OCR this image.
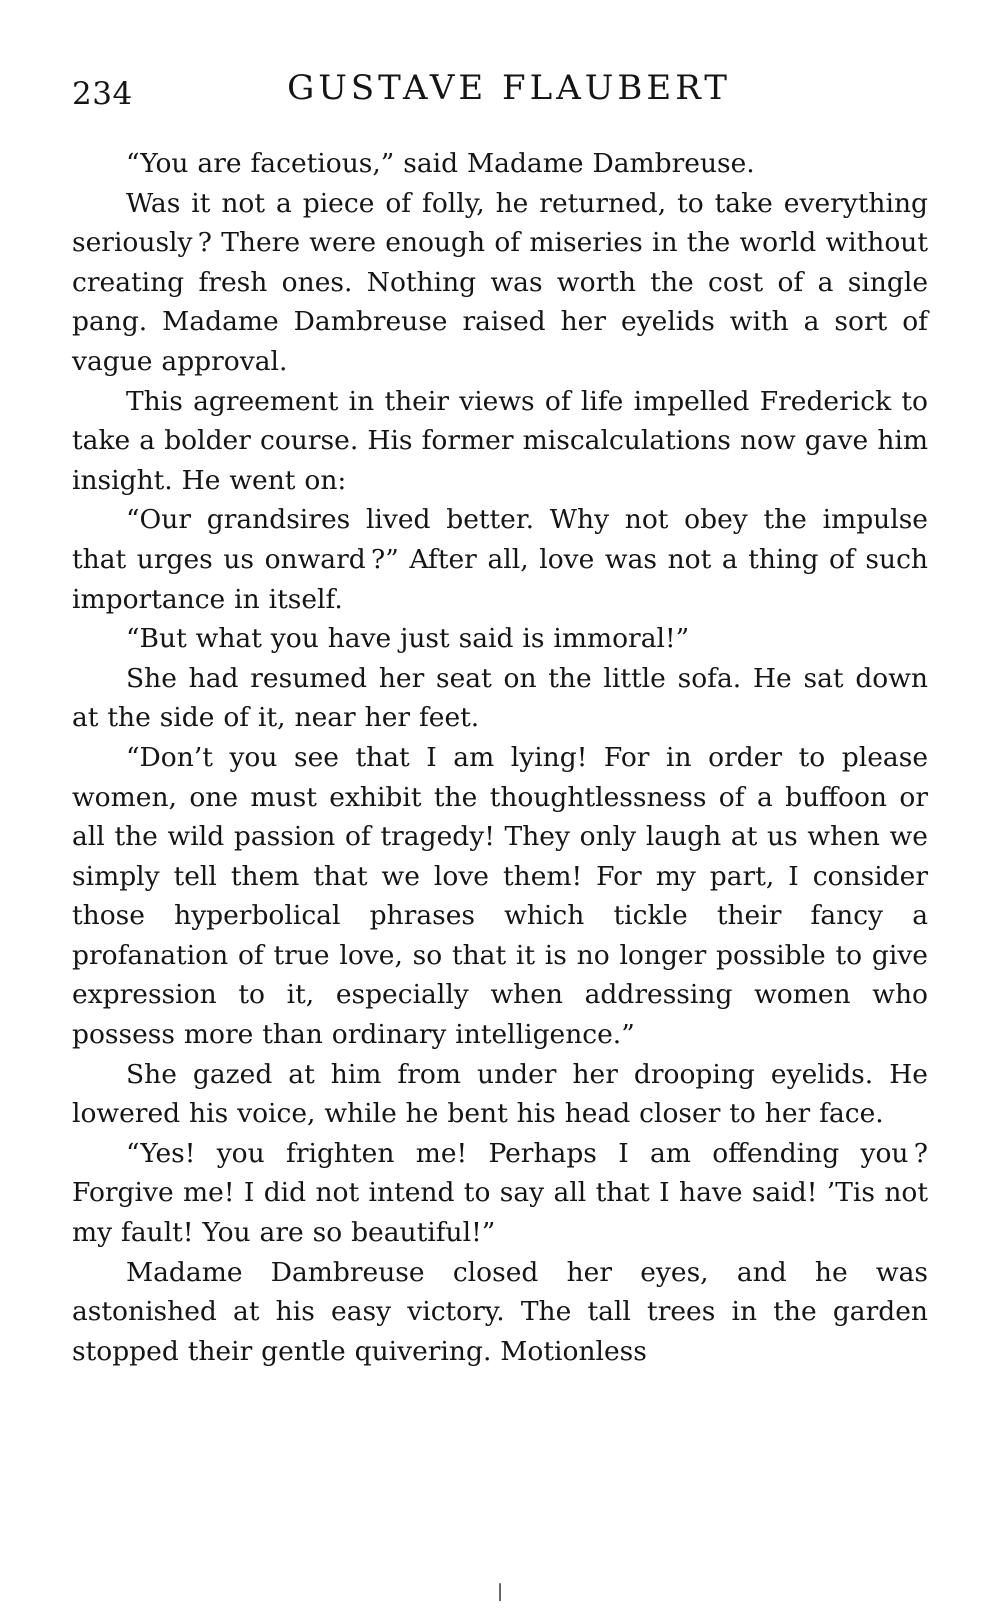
234	GUSTAVE FLAUBERT

“You are facetious,” said Madame Dambreuse.

Was it not a piece of folly, he returned, to take everything seriously ? There were enough of miseries in the world without creating fresh ones. Nothing was worth the cost of a single pang. Madame Dambreuse raised her eyelids with a sort of vague approval.

This agreement in their views of life impelled Frederick to take a bolder course. His former miscalculations now gave him insight. He went on:

“Our grandsires lived better. Why not obey the impulse that urges us onward ?” After all, love was not a thing of such importance in itself.

“But what you have just said is immoral!”

She had resumed her seat on the little sofa. He sat down at the side of it, near her feet.

“Don’t you see that I am lying! For in order to please women, one must exhibit the thoughtlessness of a buffoon or all the wild passion of tragedy! They only laugh at us when we simply tell them that we love them! For my part, I consider those hyperbolical phrases which tickle their fancy a profanation of true love, so that it is no longer possible to give expression to it, especially when addressing women who possess more than ordinary intelligence.”

She gazed at him from under her drooping eyelids. He lowered his voice, while he bent his head closer to her face.

“Yes! you frighten me! Perhaps I am offending you ? Forgive me! I did not intend to say all that I have said! ’Tis not my fault! You are so beautiful!”

Madame Dambreuse closed her eyes, and he was astonished at his easy victory. The tall trees in the garden stopped their gentle quivering. Motionless

|
